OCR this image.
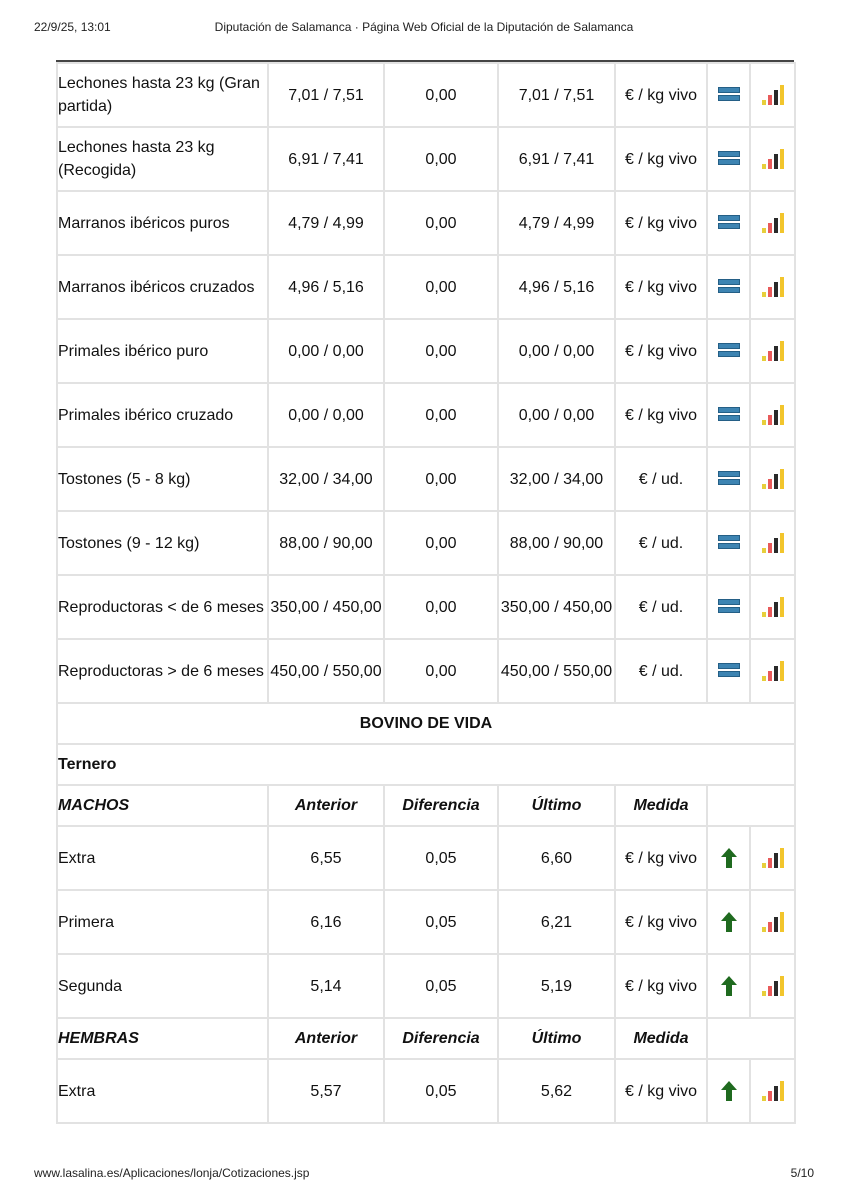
22/9/25, 13:01	Diputación de Salamanca · Página Web Oficial de la Diputación de Salamanca
Lechones hasta 23 kg (Gran partida)	7,01 / 7,51	0,00	7,01 / 7,51	€ / kg vivo	

Lechones hasta 23 kg (Recogida)	6,91 / 7,41	0,00	6,91 / 7,41	€ / kg vivo	

Marranos ibéricos puros	4,79 / 4,99	0,00	4,79 / 4,99	€ / kg vivo	

Marranos ibéricos cruzados	4,96 / 5,16	0,00	4,96 / 5,16	€ / kg vivo	

Primales ibérico puro	0,00 / 0,00	0,00	0,00 / 0,00	€ / kg vivo	

Primales ibérico cruzado	0,00 / 0,00	0,00	0,00 / 0,00	€ / kg vivo	

Tostones (5 - 8 kg)	32,00 / 34,00	0,00	32,00 / 34,00	€ / ud.	

Tostones (9 - 12 kg)	88,00 / 90,00	0,00	88,00 / 90,00	€ / ud.	

Reproductoras < de 6 meses	350,00 / 450,00	0,00	350,00 / 450,00	€ / ud.	

Reproductoras > de 6 meses	450,00 / 550,00	0,00	450,00 / 550,00	€ / ud.	

BOVINO DE VIDA						
Ternero						
MACHOS	Anterior	Diferencia	Último	Medida		
Extra	6,55	0,05	6,60	€ / kg vivo		

Primera	6,16	0,05	6,21	€ / kg vivo		

Segunda	5,14	0,05	5,19	€ / kg vivo		

HEMBRAS	Anterior	Diferencia	Último	Medida		
Extra	5,57	0,05	5,62	€ / kg vivo		
www.lasalina.es/Aplicaciones/lonja/Cotizaciones.jsp	5/10
